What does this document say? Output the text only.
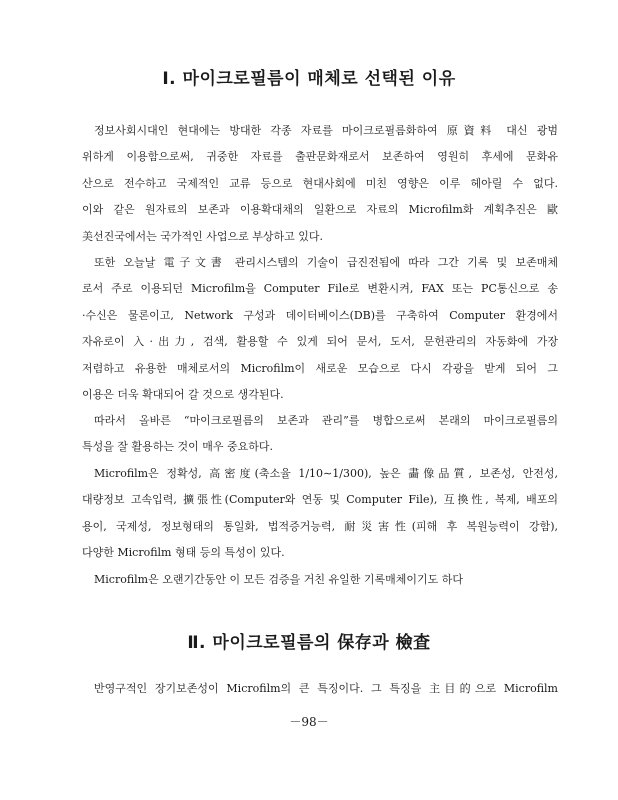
Ⅰ. 마이크로필름이 매체로 선택된 이유
정보사회시대인 현대에는 방대한 각종 자료를 마이크로필름화하여 原資料 대신 광범
위하게 이용함으로써, 귀중한 자료를 출판문화재로서 보존하여 영원히 후세에 문화유
산으로 전수하고 국제적인 교류 등으로 현대사회에 미친 영향은 이루 헤아릴 수 없다.
이와 같은 원자료의 보존과 이용확대채의 일환으로 자료의 Microfilm화 계획추진은 歐
美선진국에서는 국가적인 사업으로 부상하고 있다.
또한 오늘날 電子文書 관리시스템의 기술이 급진전됨에 따라 그간 기록 및 보존매체
로서 주로 이용되던 Microfilm을 Computer File로 변환시켜, FAX 또는 PC통신으로 송
·수신은 물론이고, Network 구성과 데이터베이스(DB)를 구축하여 Computer 환경에서
자유로이 入·出力, 검색, 활용할 수 있게 되어 문서, 도서, 문헌관리의 자동화에 가장
저렴하고 유용한 매체로서의 Microfilm이 새로운 모습으로 다시 각광을 받게 되어 그
이용은 더욱 확대되어 갈 것으로 생각된다.
따라서 올바른 “마이크로필름의 보존과 관리”를 병합으로써 본래의 마이크로필름의
특성을 잘 활용하는 것이 매우 중요하다.
Microfilm은 정확성, 高密度(축소율 1/10∼1/300), 높은 畵像品質, 보존성, 안전성,
대량정보 고속입력, 擴張性(Computer와 연동 및 Computer File), 互換性, 복제, 배포의
용이, 국제성, 정보형태의 통일화, 법적증거능력, 耐災害性(피해 후 복원능력이 강함),
다양한 Microfilm 형태 등의 특성이 있다.
Microfilm은 오랜기간동안 이 모든 검증을 거친 유일한 기록매체이기도 하다
Ⅱ. 마이크로필름의 保存과 檢査
반영구적인 장기보존성이 Microfilm의 큰 특징이다. 그 특징을 主目的으로 Microfilm
－98－
